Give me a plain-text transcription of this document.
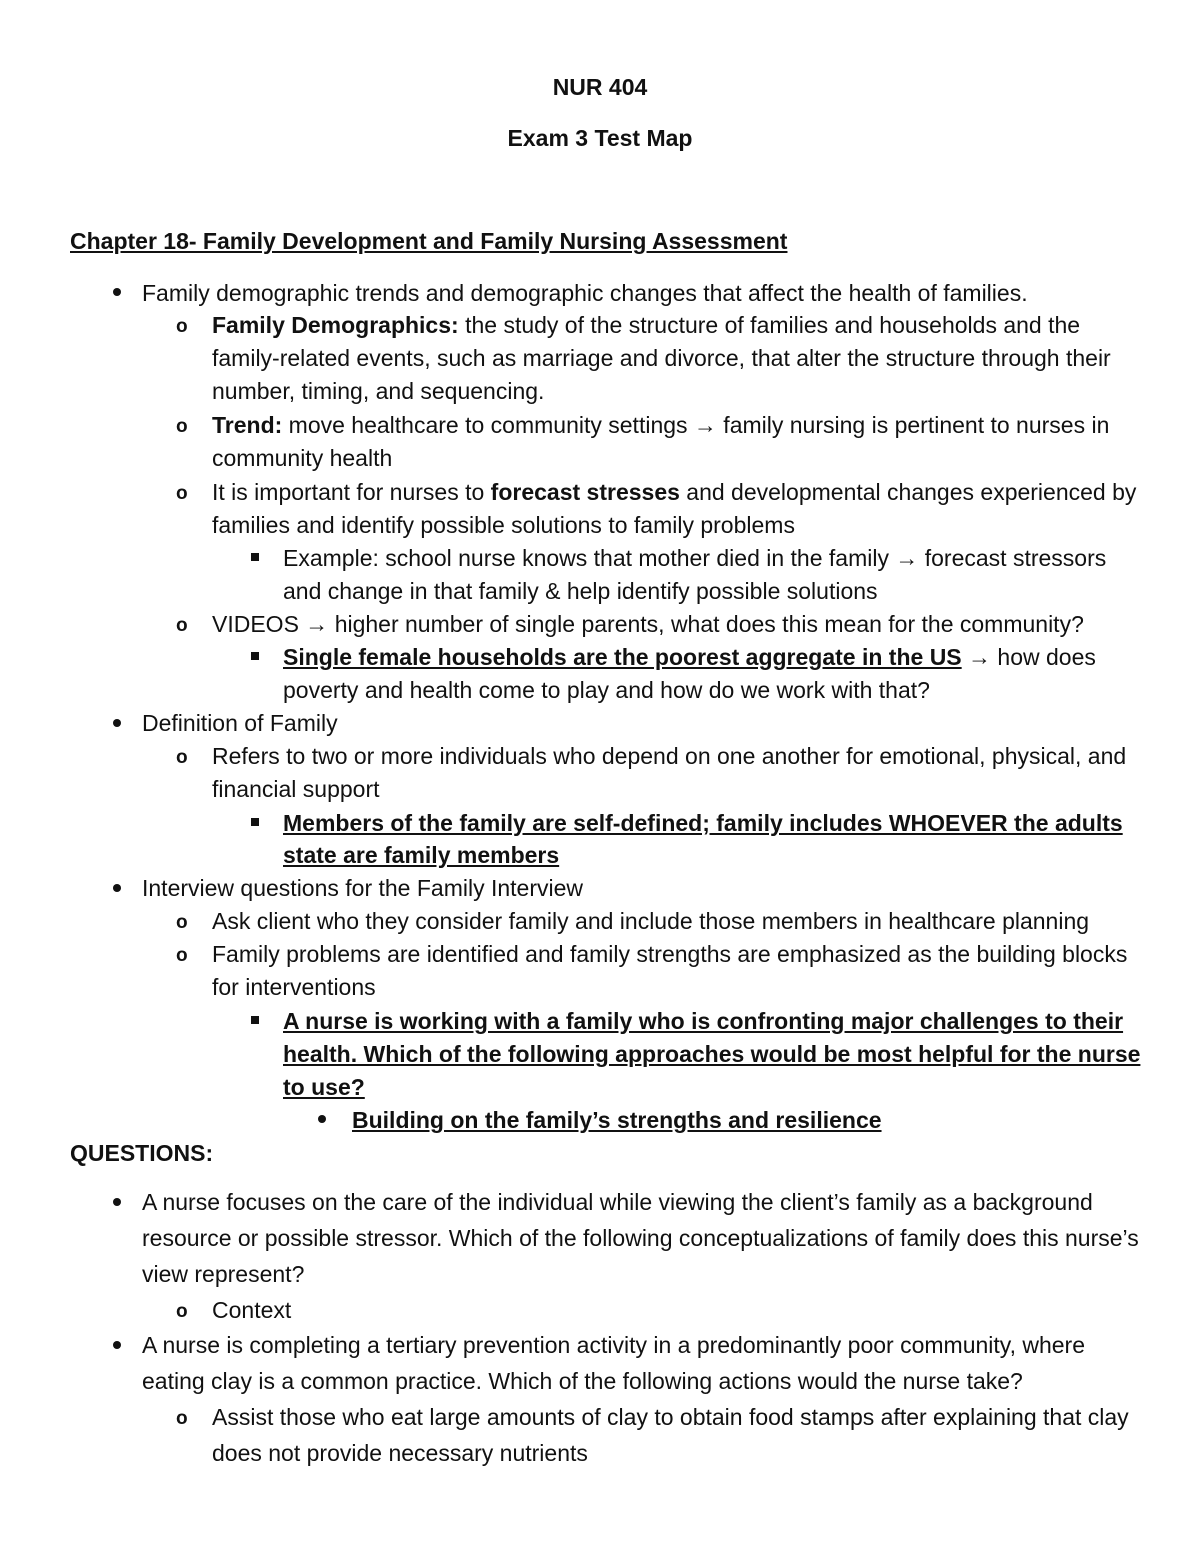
NUR 404
Exam 3 Test Map
Chapter 18- Family Development and Family Nursing Assessment
Family demographic trends and demographic changes that affect the health of families.
o Family Demographics: the study of the structure of families and households and the
family-related events, such as marriage and divorce, that alter the structure through their
number, timing, and sequencing.
o Trend: move healthcare to community settings → family nursing is pertinent to nurses in
community health
o It is important for nurses to forecast stresses and developmental changes experienced by
families and identify possible solutions to family problems
Example: school nurse knows that mother died in the family → forecast stressors
and change in that family & help identify possible solutions
o VIDEOS → higher number of single parents, what does this mean for the community?
Single female households are the poorest aggregate in the US → how does
poverty and health come to play and how do we work with that?
Definition of Family
o Refers to two or more individuals who depend on one another for emotional, physical, and
financial support
Members of the family are self-defined; family includes WHOEVER the adults
state are family members
Interview questions for the Family Interview
o Ask client who they consider family and include those members in healthcare planning
o Family problems are identified and family strengths are emphasized as the building blocks
for interventions
A nurse is working with a family who is confronting major challenges to their
health. Which of the following approaches would be most helpful for the nurse
to use?
Building on the family’s strengths and resilience
QUESTIONS:
A nurse focuses on the care of the individual while viewing the client’s family as a background
resource or possible stressor. Which of the following conceptualizations of family does this nurse’s
view represent?
o Context
A nurse is completing a tertiary prevention activity in a predominantly poor community, where
eating clay is a common practice. Which of the following actions would the nurse take?
o Assist those who eat large amounts of clay to obtain food stamps after explaining that clay
does not provide necessary nutrients
